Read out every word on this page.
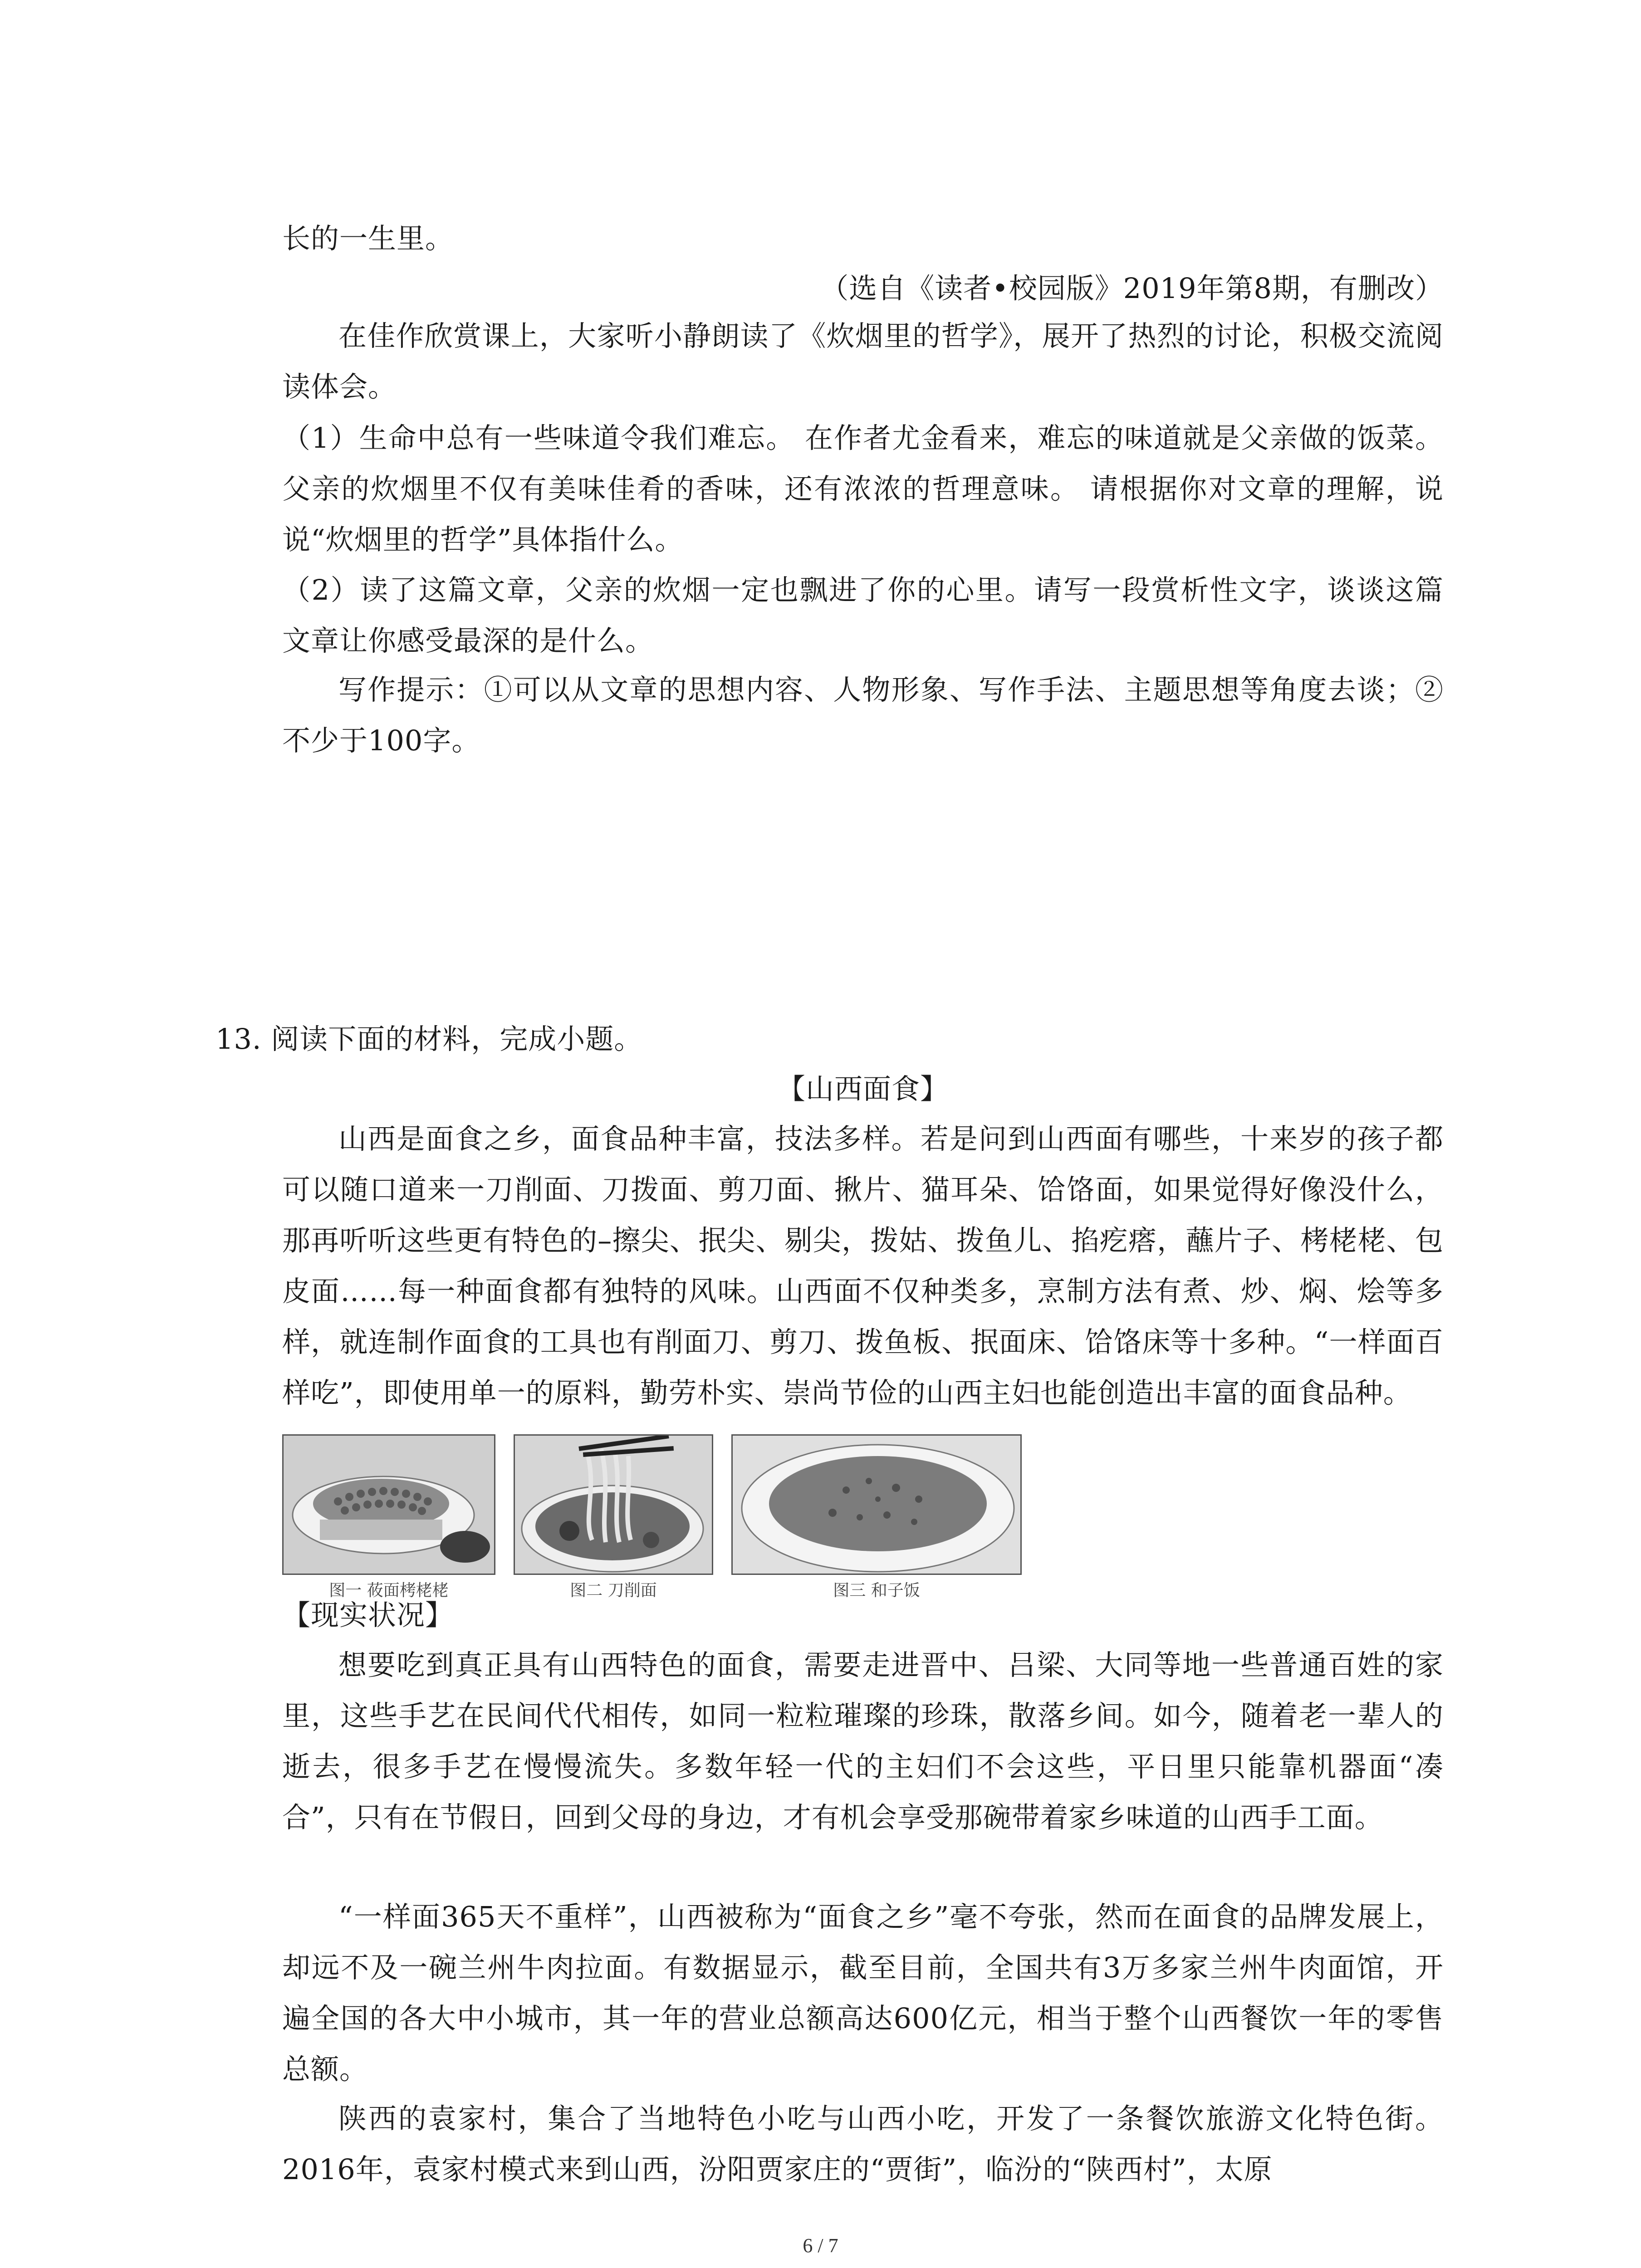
长的一生里。

（选自《读者•校园版》2019年第8期，有删改）

在佳作欣赏课上，大家听小静朗读了《炊烟里的哲学》，展开了热烈的讨论，积极交流阅读体会。

（1）生命中总有一些味道令我们难忘。 在作者尤金看来，难忘的味道就是父亲做的饭菜。父亲的炊烟里不仅有美味佳肴的香味，还有浓浓的哲理意味。 请根据你对文章的理解，说说“炊烟里的哲学”具体指什么。

（2）读了这篇文章，父亲的炊烟一定也飘进了你的心里。请写一段赏析性文字，谈谈这篇文章让你感受最深的是什么。

写作提示：①可以从文章的思想内容、人物形象、写作手法、主题思想等角度去谈；②不少于100字。

13. 阅读下面的材料，完成小题。

【山西面食】

山西是面食之乡，面食品种丰富，技法多样。若是问到山西面有哪些，十来岁的孩子都可以随口道来一刀削面、刀拨面、剪刀面、揪片、猫耳朵、饸饹面，如果觉得好像没什么，那再听听这些更有特色的–擦尖、抿尖、剔尖，拨姑、拨鱼儿、掐疙瘩，蘸片子、栲栳栳、包皮面……每一种面食都有独特的风味。山西面不仅种类多，烹制方法有煮、炒、焖、烩等多样，就连制作面食的工具也有削面刀、剪刀、拨鱼板、抿面床、饸饹床等十多种。“一样面百样吃”，即使用单一的原料，勤劳朴实、崇尚节俭的山西主妇也能创造出丰富的面食品种。

图一 莜面栲栳栳	图二 刀削面	图三 和子饭

【现实状况】

想要吃到真正具有山西特色的面食，需要走进晋中、吕梁、大同等地一些普通百姓的家里，这些手艺在民间代代相传，如同一粒粒璀璨的珍珠，散落乡间。如今，随着老一辈人的逝去，很多手艺在慢慢流失。多数年轻一代的主妇们不会这些，平日里只能靠机器面“凑合”，只有在节假日，回到父母的身边，才有机会享受那碗带着家乡味道的山西手工面。

“一样面365天不重样”，山西被称为“面食之乡”毫不夸张，然而在面食的品牌发展上，却远不及一碗兰州牛肉拉面。有数据显示，截至目前，全国共有3万多家兰州牛肉面馆，开遍全国的各大中小城市，其一年的营业总额高达600亿元，相当于整个山西餐饮一年的零售总额。

陕西的袁家村，集合了当地特色小吃与山西小吃，开发了一条餐饮旅游文化特色街。2016年，袁家村模式来到山西，汾阳贾家庄的“贾街”，临汾的“陕西村”，太原

6 / 7
